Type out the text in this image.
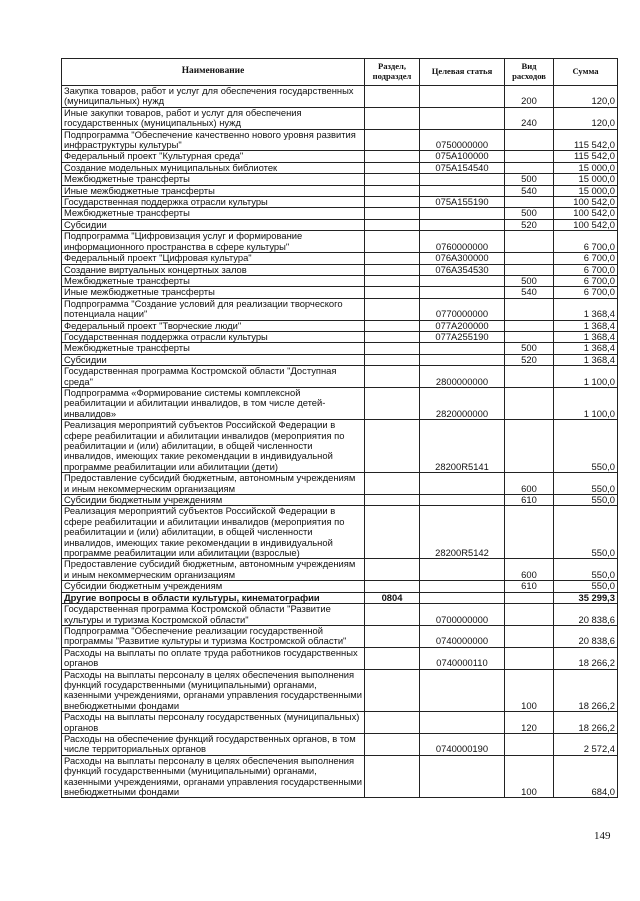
Наименование	Раздел, подраздел	Целевая статья	Вид расходов	Сумма
Закупка товаров, работ и услуг для обеспечения государственных (муниципальных) нужд			200	120,0
Иные закупки товаров, работ и услуг для обеспечения государственных (муниципальных) нужд			240	120,0
Подпрограмма "Обеспечение качественно нового уровня развития инфраструктуры культуры"		0750000000		115 542,0
Федеральный проект "Культурная среда"		075A100000		115 542,0
Создание модельных муниципальных библиотек		075A154540		15 000,0
Межбюджетные трансферты			500	15 000,0
Иные межбюджетные трансферты			540	15 000,0
Государственная поддержка отрасли культуры		075A155190		100 542,0
Межбюджетные трансферты			500	100 542,0
Субсидии			520	100 542,0
Подпрограмма "Цифровизация услуг и формирование информационного пространства в сфере культуры"		0760000000		6 700,0
Федеральный проект "Цифровая культура"		076A300000		6 700,0
Создание виртуальных концертных залов		076A354530		6 700,0
Межбюджетные трансферты			500	6 700,0
Иные межбюджетные трансферты			540	6 700,0
Подпрограмма "Создание условий для реализации творческого потенциала нации"		0770000000		1 368,4
Федеральный проект "Творческие люди"		077A200000		1 368,4
Государственная поддержка отрасли культуры		077A255190		1 368,4
Межбюджетные трансферты			500	1 368,4
Субсидии			520	1 368,4
Государственная программа Костромской области "Доступная среда"		2800000000		1 100,0
Подпрограмма «Формирование системы комплексной реабилитации и абилитации инвалидов, в том числе детей-инвалидов»		2820000000		1 100,0
Реализация мероприятий субъектов Российской Федерации в сфере реабилитации и абилитации инвалидов (мероприятия по реабилитации и (или) абилитации, в общей численности инвалидов, имеющих такие рекомендации в индивидуальной программе реабилитации или абилитации (дети)		28200R5141		550,0
Предоставление субсидий бюджетным, автономным учреждениям и иным некоммерческим организациям			600	550,0
Субсидии бюджетным учреждениям			610	550,0
Реализация мероприятий субъектов Российской Федерации в сфере реабилитации и абилитации инвалидов (мероприятия по реабилитации и (или) абилитации, в общей численности инвалидов, имеющих такие рекомендации в индивидуальной программе реабилитации или абилитации (взрослые)		28200R5142		550,0
Предоставление субсидий бюджетным, автономным учреждениям и иным некоммерческим организациям			600	550,0
Субсидии бюджетным учреждениям			610	550,0
Другие вопросы в области культуры, кинематографии	0804			35 299,3
Государственная программа Костромской области "Развитие культуры и туризма Костромской области"		0700000000		20 838,6
Подпрограмма "Обеспечение реализации государственной программы "Развитие культуры и туризма Костромской области"		0740000000		20 838,6
Расходы на выплаты по оплате труда работников государственных органов		0740000110		18 266,2
Расходы на выплаты персоналу в целях обеспечения выполнения функций государственными (муниципальными) органами, казенными учреждениями, органами управления государственными внебюджетными фондами			100	18 266,2
Расходы на выплаты персоналу государственных (муниципальных) органов			120	18 266,2
Расходы на обеспечение функций государственных органов, в том числе территориальных органов		0740000190		2 572,4
Расходы на выплаты персоналу в целях обеспечения выполнения функций государственными (муниципальными) органами, казенными учреждениями, органами управления государственными внебюджетными фондами			100	684,0
149
